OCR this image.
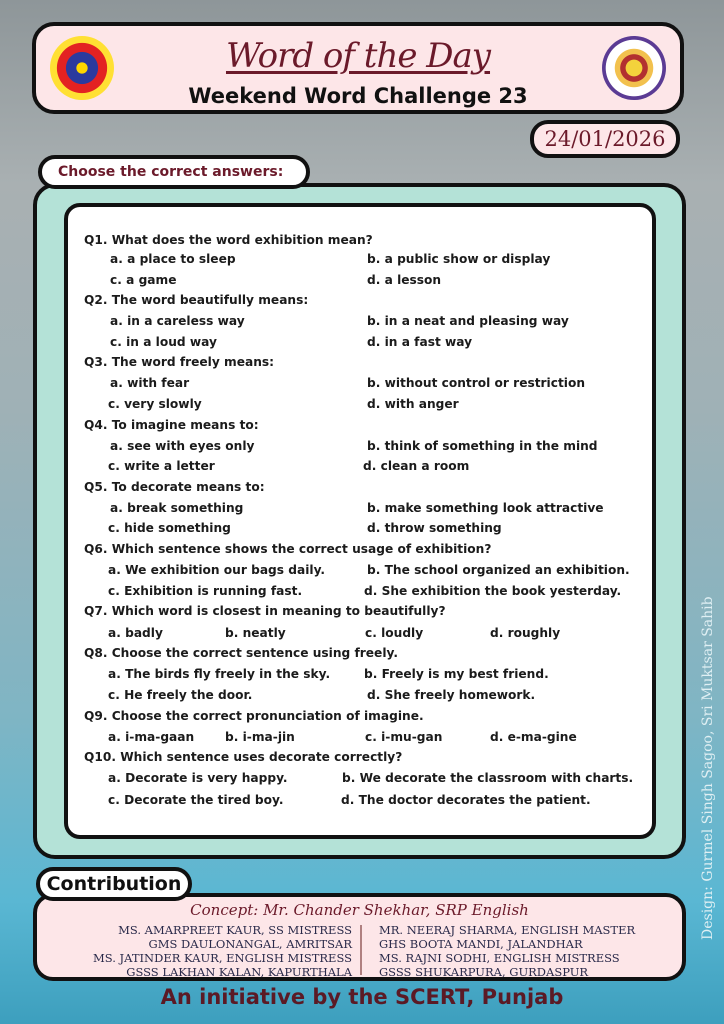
Word of the Day
Weekend Word Challenge 23
24/01/2026
Choose the correct answers:
Q1. What does the word exhibition mean?
a. a place to sleep	b. a public show or display
c. a game	d. a lesson
Q2. The word beautifully means:
a. in a careless way	b. in a neat and pleasing way
c. in a loud way	d. in a fast way
Q3. The word freely means:
a. with fear	b. without control or restriction
c. very slowly	d. with anger
Q4. To imagine means to:
a. see with eyes only	b. think of something in the mind
c. write a letter	d. clean a room
Q5. To decorate means to:
a. break something	b. make something look attractive
c. hide something	d. throw something
Q6. Which sentence shows the correct usage of exhibition?
a. We exhibition our bags daily.	b. The school organized an exhibition.
c. Exhibition is running fast.	d. She exhibition the book yesterday.
Q7. Which word is closest in meaning to beautifully?
a. badly	b. neatly	c. loudly	d. roughly
Q8. Choose the correct sentence using freely.
a. The birds fly freely in the sky.	b. Freely is my best friend.
c. He freely the door.	d. She freely homework.
Q9. Choose the correct pronunciation of imagine.
a. i-ma-gaan	b. i-ma-jin	c. i-mu-gan	d. e-ma-gine
Q10. Which sentence uses decorate correctly?
a. Decorate is very happy.	b. We decorate the classroom with charts.
c. Decorate the tired boy.	d. The doctor decorates the patient.
Contribution
Concept: Mr. Chander Shekhar, SRP English
MS. AMARPREET KAUR, SS MISTRESS
GMS DAULONANGAL, AMRITSAR
MS. JATINDER KAUR, ENGLISH MISTRESS
GSSS LAKHAN KALAN, KAPURTHALA
MR. NEERAJ SHARMA, ENGLISH MASTER
GHS BOOTA MANDI, JALANDHAR
MS. RAJNI SODHI, ENGLISH MISTRESS
GSSS SHUKARPURA, GURDASPUR
An initiative by the SCERT, Punjab
Design: Gurmel Singh Sagoo, Sri Muktsar Sahib
